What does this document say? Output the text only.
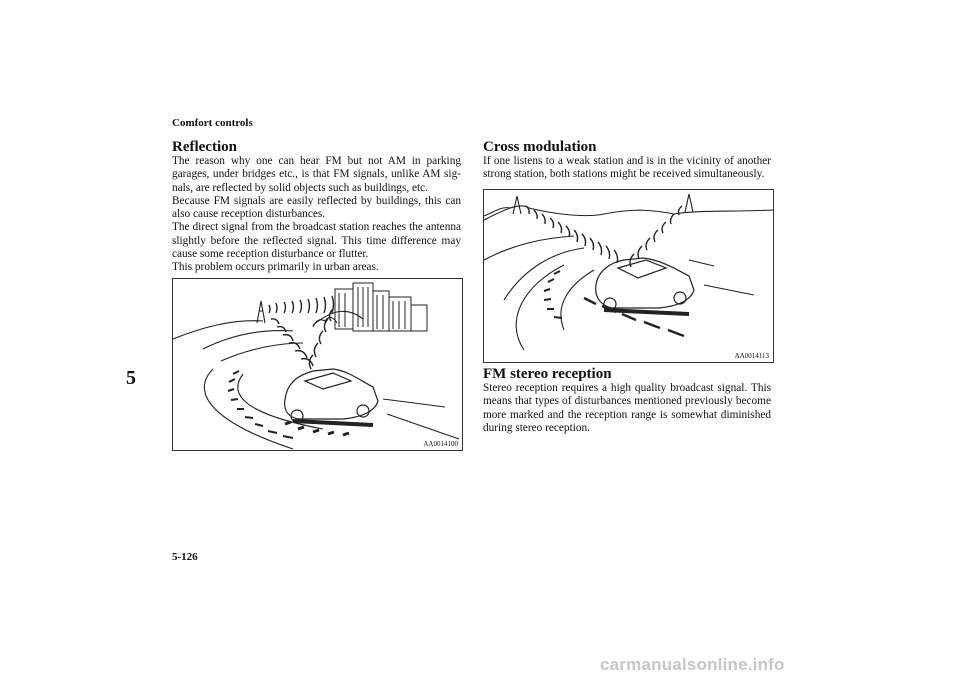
Comfort controls
5
Reflection

The reason why one can hear FM but not AM in parking garages, under bridges etc., is that FM signals, unlike AM sig-nals, are reflected by solid objects such as buildings, etc.

Because FM signals are easily reflected by buildings, this can also cause reception disturbances.

The direct signal from the broadcast station reaches the antenna slightly before the reflected signal. This time difference may cause some reception disturbance or flutter.

This problem occurs primarily in urban areas.

AA0014100
Cross modulation

If one listens to a weak station and is in the vicinity of another strong station, both stations might be received simultaneously.

AA0014113
FM stereo reception

Stereo reception requires a high quality broadcast signal. This means that types of disturbances mentioned previously become more marked and the reception range is somewhat diminished during stereo reception.

5-126
carmanualsonline.info
